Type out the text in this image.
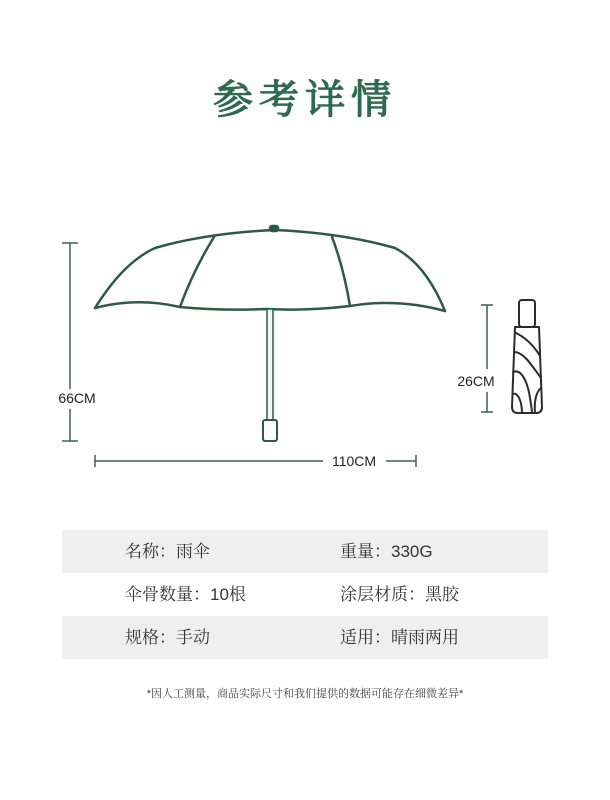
参考详情
66CM
110CM
26CM
名称：雨伞	重量：330G
伞骨数量：10根	涂层材质：黑胶
规格：手动	适用：晴雨两用
*因人工测量，商品实际尺寸和我们提供的数据可能存在细微差异*
